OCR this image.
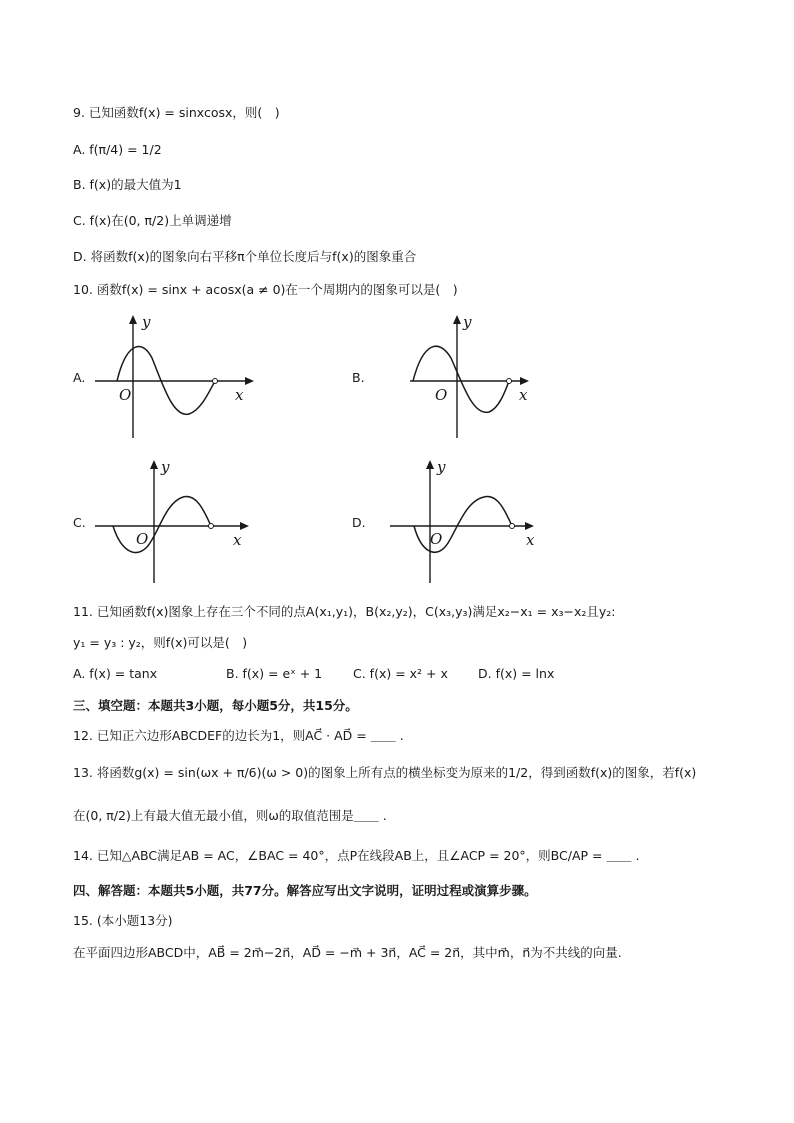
9. 已知函数f(x) = sinxcosx，则(　)
A. f(π/4) = 1/2
B. f(x)的最大值为1
C. f(x)在(0, π/2)上单调递增
D. 将函数f(x)的图象向右平移π个单位长度后与f(x)的图象重合
10. 函数f(x) = sinx + acosx(a ≠ 0)在一个周期内的图象可以是(　)
A.
y
x
O
B.
y
x
O
C.
y
x
O
D.
y
x
O
11. 已知函数f(x)图象上存在三个不同的点A(x₁,y₁)，B(x₂,y₂)，C(x₃,y₃)满足x₂−x₁ = x₃−x₂且y₂:
y₁ = y₃ : y₂，则f(x)可以是(　)
A. f(x) = tanx	B. f(x) = eˣ + 1 C. f(x) = x² + x D. f(x) = lnx
三、填空题：本题共3小题，每小题5分，共15分。
12. 已知正六边形ABCDEF的边长为1，则AC⃗ · AD⃗ = ＿＿ .
13. 将函数g(x) = sin(ωx + π/6)(ω > 0)的图象上所有点的横坐标变为原来的1/2，得到函数f(x)的图象，若f(x)
在(0, π/2)上有最大值无最小值，则ω的取值范围是＿＿ .
14. 已知△ABC满足AB = AC，∠BAC = 40°，点P在线段AB上，且∠ACP = 20°，则BC/AP = ＿＿ .
四、解答题：本题共5小题，共77分。解答应写出文字说明，证明过程或演算步骤。
15. (本小题13分)
在平面四边形ABCD中，AB⃗ = 2m⃗−2n⃗，AD⃗ = −m⃗ + 3n⃗，AC⃗ = 2n⃗，其中m⃗，n⃗为不共线的向量.
